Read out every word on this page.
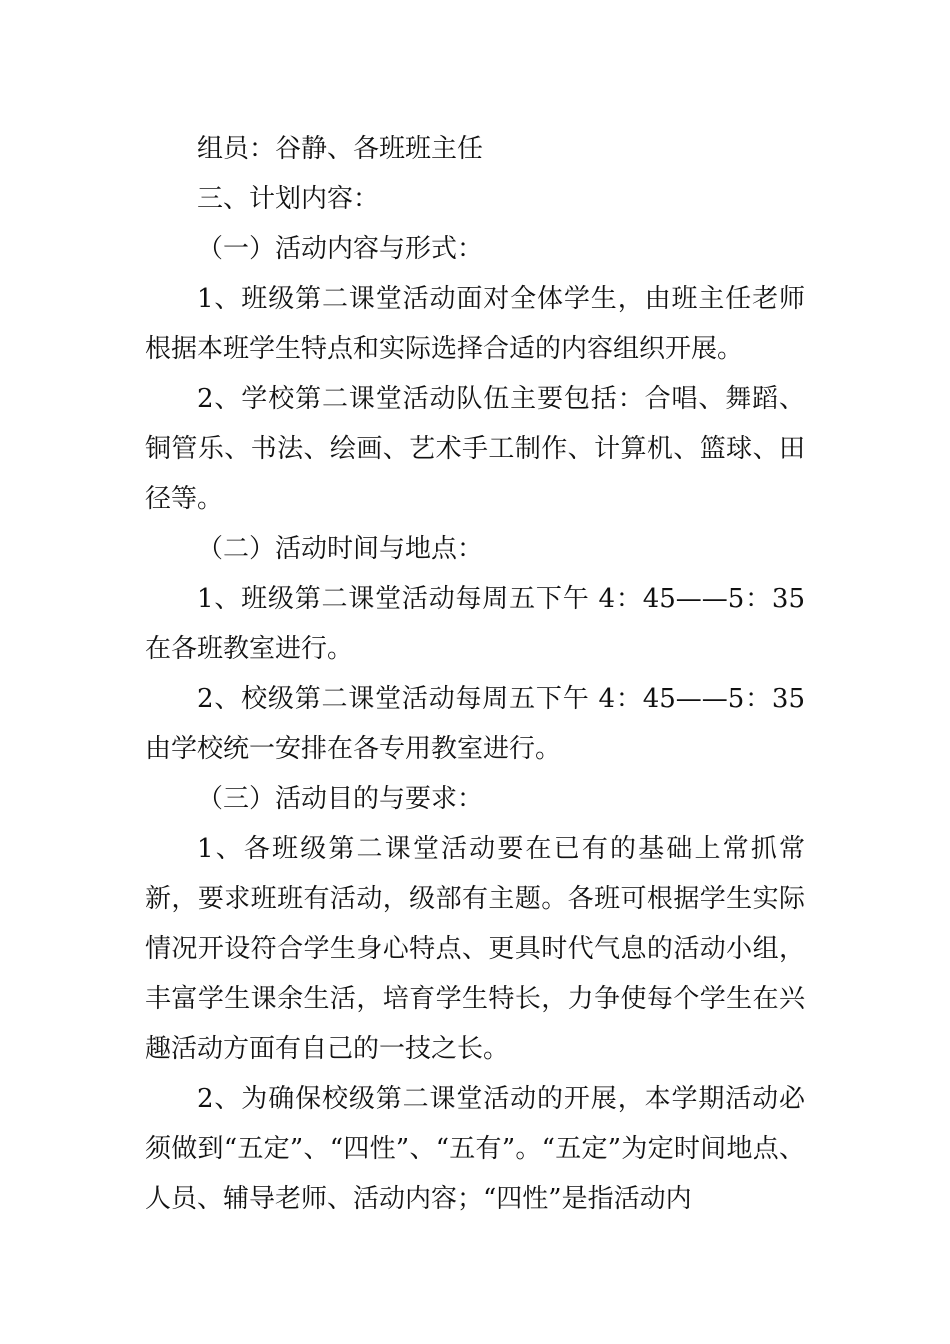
组员：谷静、各班班主任

三、计划内容：

（一）活动内容与形式：

1、班级第二课堂活动面对全体学生，由班主任老师根据本班学生特点和实际选择合适的内容组织开展。

2、学校第二课堂活动队伍主要包括：合唱、舞蹈、铜管乐、书法、绘画、艺术手工制作、计算机、篮球、田径等。

（二）活动时间与地点：

1、班级第二课堂活动每周五下午 4：45——5：35 在各班教室进行。

2、校级第二课堂活动每周五下午 4：45——5：35 由学校统一安排在各专用教室进行。

（三）活动目的与要求：

1、各班级第二课堂活动要在已有的基础上常抓常新，要求班班有活动，级部有主题。各班可根据学生实际情况开设符合学生身心特点、更具时代气息的活动小组，丰富学生课余生活，培育学生特长，力争使每个学生在兴趣活动方面有自己的一技之长。

2、为确保校级第二课堂活动的开展，本学期活动必须做到“五定”、“四性”、“五有”。“五定”为定时间地点、人员、辅导老师、活动内容；“四性”是指活动内
